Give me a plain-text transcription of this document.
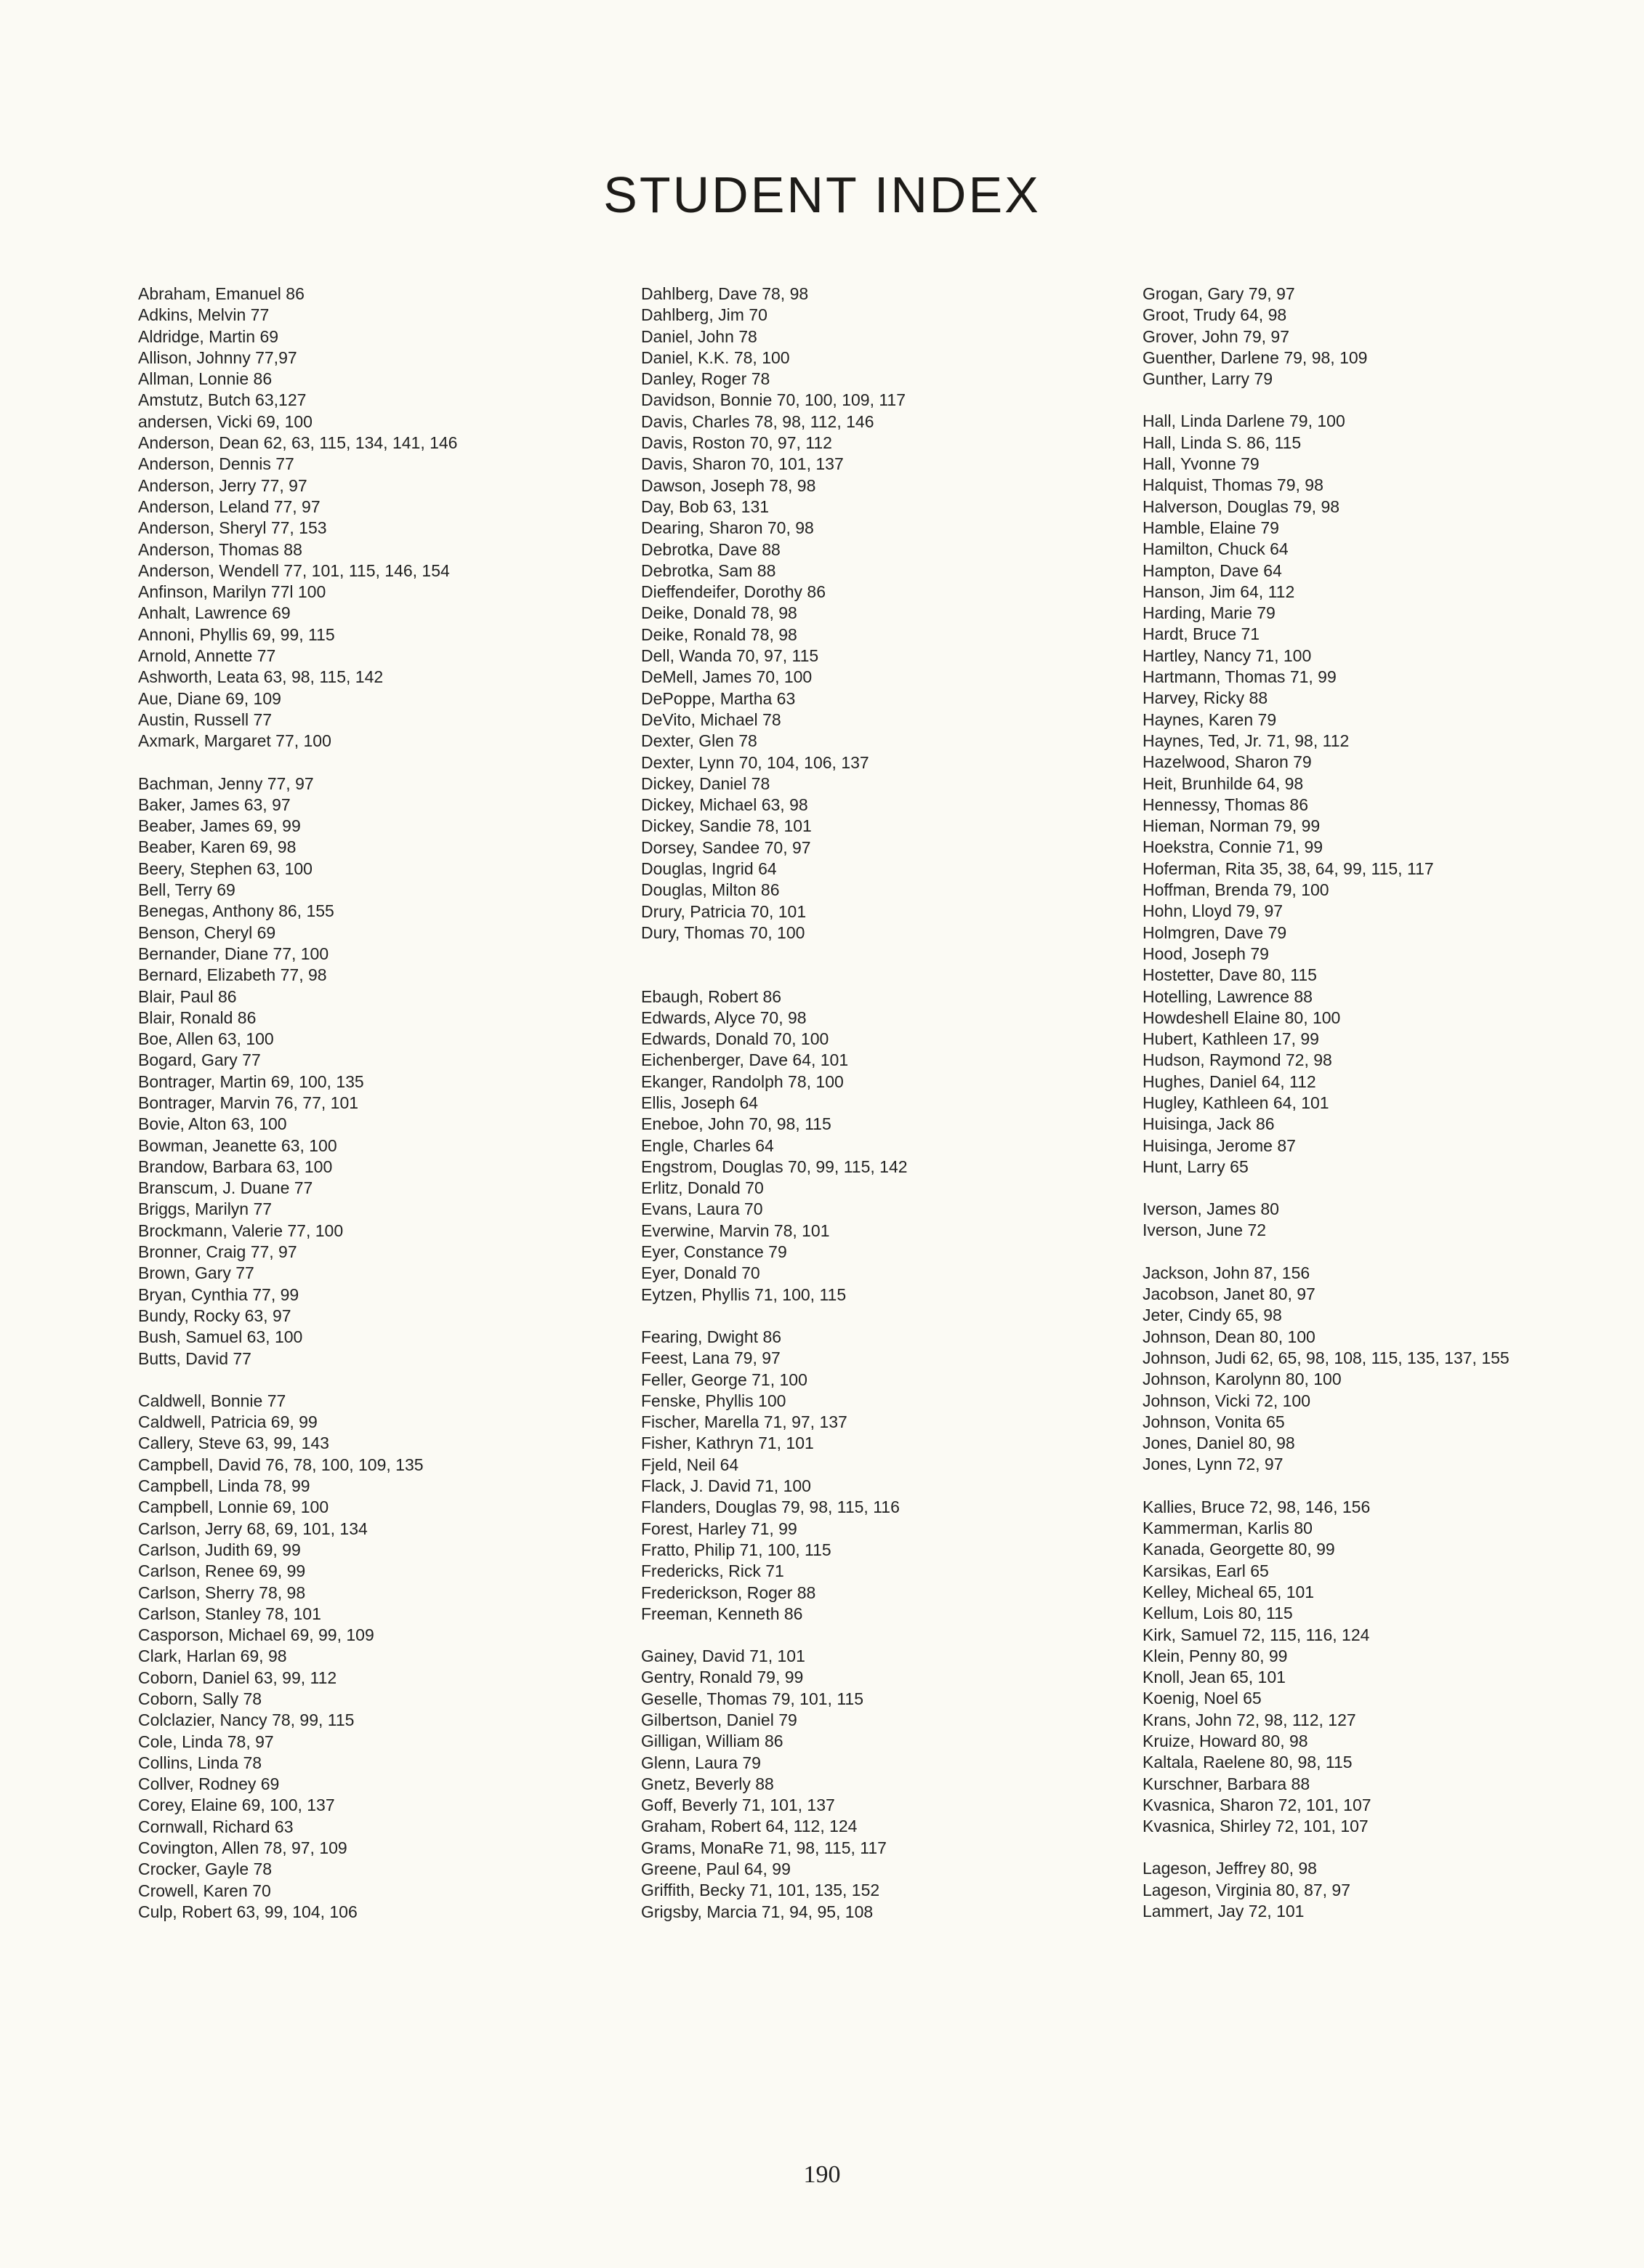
STUDENT INDEX
Abraham, Emanuel 86
Adkins, Melvin 77
Aldridge, Martin 69
Allison, Johnny 77,97
Allman, Lonnie 86
Amstutz, Butch 63,127
andersen, Vicki 69, 100
Anderson, Dean 62, 63, 115, 134, 141, 146
Anderson, Dennis 77
Anderson, Jerry 77, 97
Anderson, Leland 77, 97
Anderson, Sheryl 77, 153
Anderson, Thomas 88
Anderson, Wendell 77, 101, 115, 146, 154
Anfinson, Marilyn 77l 100
Anhalt, Lawrence 69
Annoni, Phyllis 69, 99, 115
Arnold, Annette 77
Ashworth, Leata 63, 98, 115, 142
Aue, Diane 69, 109
Austin, Russell 77
Axmark, Margaret 77, 100
Bachman, Jenny 77, 97
Baker, James 63, 97
Beaber, James 69, 99
Beaber, Karen 69, 98
Beery, Stephen 63, 100
Bell, Terry 69
Benegas, Anthony 86, 155
Benson, Cheryl 69
Bernander, Diane 77, 100
Bernard, Elizabeth 77, 98
Blair, Paul 86
Blair, Ronald 86
Boe, Allen 63, 100
Bogard, Gary 77
Bontrager, Martin 69, 100, 135
Bontrager, Marvin 76, 77, 101
Bovie, Alton 63, 100
Bowman, Jeanette 63, 100
Brandow, Barbara 63, 100
Branscum, J. Duane 77
Briggs, Marilyn 77
Brockmann, Valerie 77, 100
Bronner, Craig 77, 97
Brown, Gary 77
Bryan, Cynthia 77, 99
Bundy, Rocky 63, 97
Bush, Samuel 63, 100
Butts, David 77
Caldwell, Bonnie 77
Caldwell, Patricia 69, 99
Callery, Steve 63, 99, 143
Campbell, David 76, 78, 100, 109, 135
Campbell, Linda 78, 99
Campbell, Lonnie 69, 100
Carlson, Jerry 68, 69, 101, 134
Carlson, Judith 69, 99
Carlson, Renee 69, 99
Carlson, Sherry 78, 98
Carlson, Stanley 78, 101
Casporson, Michael 69, 99, 109
Clark, Harlan 69, 98
Coborn, Daniel 63, 99, 112
Coborn, Sally 78
Colclazier, Nancy 78, 99, 115
Cole, Linda 78, 97
Collins, Linda 78
Collver, Rodney 69
Corey, Elaine 69, 100, 137
Cornwall, Richard 63
Covington, Allen 78, 97, 109
Crocker, Gayle 78
Crowell, Karen 70
Culp, Robert 63, 99, 104, 106
Dahlberg, Dave 78, 98
Dahlberg, Jim 70
Daniel, John 78
Daniel, K.K. 78, 100
Danley, Roger 78
Davidson, Bonnie 70, 100, 109, 117
Davis, Charles 78, 98, 112, 146
Davis, Roston 70, 97, 112
Davis, Sharon 70, 101, 137
Dawson, Joseph 78, 98
Day, Bob 63, 131
Dearing, Sharon 70, 98
Debrotka, Dave 88
Debrotka, Sam 88
Dieffendeifer, Dorothy 86
Deike, Donald 78, 98
Deike, Ronald 78, 98
Dell, Wanda 70, 97, 115
DeMell, James 70, 100
DePoppe, Martha 63
DeVito, Michael 78
Dexter, Glen 78
Dexter, Lynn 70, 104, 106, 137
Dickey, Daniel 78
Dickey, Michael 63, 98
Dickey, Sandie 78, 101
Dorsey, Sandee 70, 97
Douglas, Ingrid 64
Douglas, Milton 86
Drury, Patricia 70, 101
Dury, Thomas 70, 100
Ebaugh, Robert 86
Edwards, Alyce 70, 98
Edwards, Donald 70, 100
Eichenberger, Dave 64, 101
Ekanger, Randolph 78, 100
Ellis, Joseph 64
Eneboe, John 70, 98, 115
Engle, Charles 64
Engstrom, Douglas 70, 99, 115, 142
Erlitz, Donald 70
Evans, Laura 70
Everwine, Marvin 78, 101
Eyer, Constance 79
Eyer, Donald 70
Eytzen, Phyllis 71, 100, 115
Fearing, Dwight 86
Feest, Lana 79, 97
Feller, George 71, 100
Fenske, Phyllis 100
Fischer, Marella 71, 97, 137
Fisher, Kathryn 71, 101
Fjeld, Neil 64
Flack, J. David 71, 100
Flanders, Douglas 79, 98, 115, 116
Forest, Harley 71, 99
Fratto, Philip 71, 100, 115
Fredericks, Rick 71
Frederickson, Roger 88
Freeman, Kenneth 86
Gainey, David 71, 101
Gentry, Ronald 79, 99
Geselle, Thomas 79, 101, 115
Gilbertson, Daniel 79
Gilligan, William 86
Glenn, Laura 79
Gnetz, Beverly 88
Goff, Beverly 71, 101, 137
Graham, Robert 64, 112, 124
Grams, MonaRe 71, 98, 115, 117
Greene, Paul 64, 99
Griffith, Becky 71, 101, 135, 152
Grigsby, Marcia 71, 94, 95, 108
Grogan, Gary 79, 97
Groot, Trudy 64, 98
Grover, John 79, 97
Guenther, Darlene 79, 98, 109
Gunther, Larry 79
Hall, Linda Darlene 79, 100
Hall, Linda S. 86, 115
Hall, Yvonne 79
Halquist, Thomas 79, 98
Halverson, Douglas 79, 98
Hamble, Elaine 79
Hamilton, Chuck 64
Hampton, Dave 64
Hanson, Jim 64, 112
Harding, Marie 79
Hardt, Bruce 71
Hartley, Nancy 71, 100
Hartmann, Thomas 71, 99
Harvey, Ricky 88
Haynes, Karen 79
Haynes, Ted, Jr. 71, 98, 112
Hazelwood, Sharon 79
Heit, Brunhilde 64, 98
Hennessy, Thomas 86
Hieman, Norman 79, 99
Hoekstra, Connie 71, 99
Hoferman, Rita 35, 38, 64, 99, 115, 117
Hoffman, Brenda 79, 100
Hohn, Lloyd 79, 97
Holmgren, Dave 79
Hood, Joseph 79
Hostetter, Dave 80, 115
Hotelling, Lawrence 88
Howdeshell Elaine 80, 100
Hubert, Kathleen 17, 99
Hudson, Raymond 72, 98
Hughes, Daniel 64, 112
Hugley, Kathleen 64, 101
Huisinga, Jack 86
Huisinga, Jerome 87
Hunt, Larry 65
Iverson, James 80
Iverson, June 72
Jackson, John 87, 156
Jacobson, Janet 80, 97
Jeter, Cindy 65, 98
Johnson, Dean 80, 100
Johnson, Judi 62, 65, 98, 108, 115, 135, 137, 155
Johnson, Karolynn 80, 100
Johnson, Vicki 72, 100
Johnson, Vonita 65
Jones, Daniel 80, 98
Jones, Lynn 72, 97
Kallies, Bruce 72, 98, 146, 156
Kammerman, Karlis 80
Kanada, Georgette 80, 99
Karsikas, Earl 65
Kelley, Micheal 65, 101
Kellum, Lois 80, 115
Kirk, Samuel 72, 115, 116, 124
Klein, Penny 80, 99
Knoll, Jean 65, 101
Koenig, Noel 65
Krans, John 72, 98, 112, 127
Kruize, Howard 80, 98
Kaltala, Raelene 80, 98, 115
Kurschner, Barbara 88
Kvasnica, Sharon 72, 101, 107
Kvasnica, Shirley 72, 101, 107
Lageson, Jeffrey 80, 98
Lageson, Virginia 80, 87, 97
Lammert, Jay 72, 101
190
